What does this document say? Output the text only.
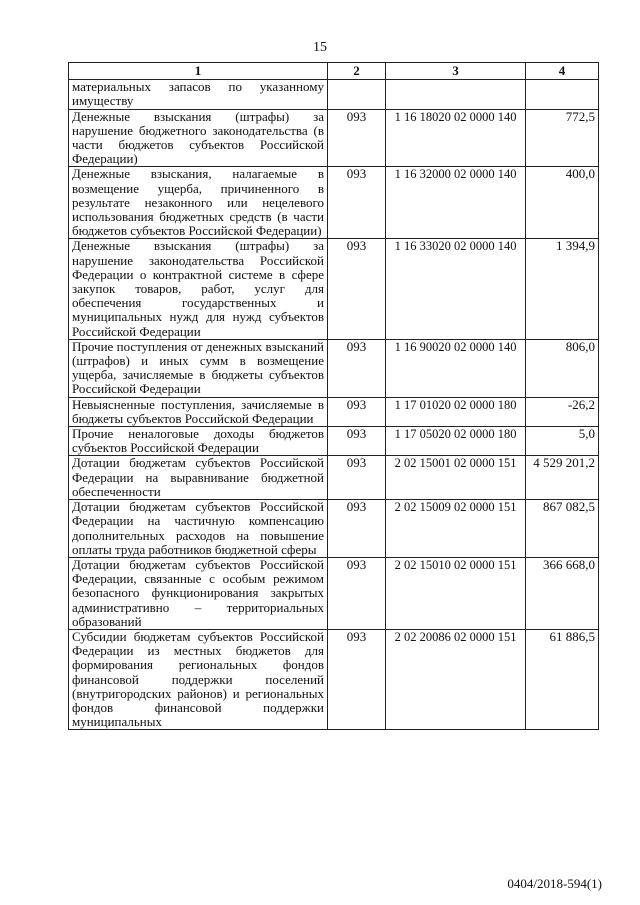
15
1	2	3	4
материальных запасов по указанному имуществу			
Денежные взыскания (штрафы) за нарушение бюджетного законодательства (в части бюджетов субъектов Российской Федерации)	093	1 16 18020 02 0000 140	772,5
Денежные взыскания, налагаемые в возмещение ущерба, причиненного в результате незаконного или нецелевого использования бюджетных средств (в части бюджетов субъектов Российской Федерации)	093	1 16 32000 02 0000 140	400,0
Денежные взыскания (штрафы) за нарушение законодательства Российской Федерации о контрактной системе в сфере закупок товаров, работ, услуг для обеспечения государственных и муниципальных нужд для нужд субъектов Российской Федерации	093	1 16 33020 02 0000 140	1 394,9
Прочие поступления от денежных взысканий (штрафов) и иных сумм в возмещение ущерба, зачисляемые в бюджеты субъектов Российской Федерации	093	1 16 90020 02 0000 140	806,0
Невыясненные поступления, зачисляемые в бюджеты субъектов Российской Федерации	093	1 17 01020 02 0000 180	-26,2
Прочие неналоговые доходы бюджетов субъектов Российской Федерации	093	1 17 05020 02 0000 180	5,0
Дотации бюджетам субъектов Российской Федерации на выравнивание бюджетной обеспеченности	093	2 02 15001 02 0000 151	4 529 201,2
Дотации бюджетам субъектов Российской Федерации на частичную компенсацию дополнительных расходов на повышение оплаты труда работников бюджетной сферы	093	2 02 15009 02 0000 151	867 082,5
Дотации бюджетам субъектов Российской Федерации, связанные с особым режимом безопасного функционирования закрытых административно – территориальных образований	093	2 02 15010 02 0000 151	366 668,0
Субсидии бюджетам субъектов Российской Федерации из местных бюджетов для формирования региональных фондов финансовой поддержки поселений (внутригородских районов) и региональных фондов финансовой поддержки муниципальных	093	2 02 20086 02 0000 151	61 886,5
0404/2018-594(1)
